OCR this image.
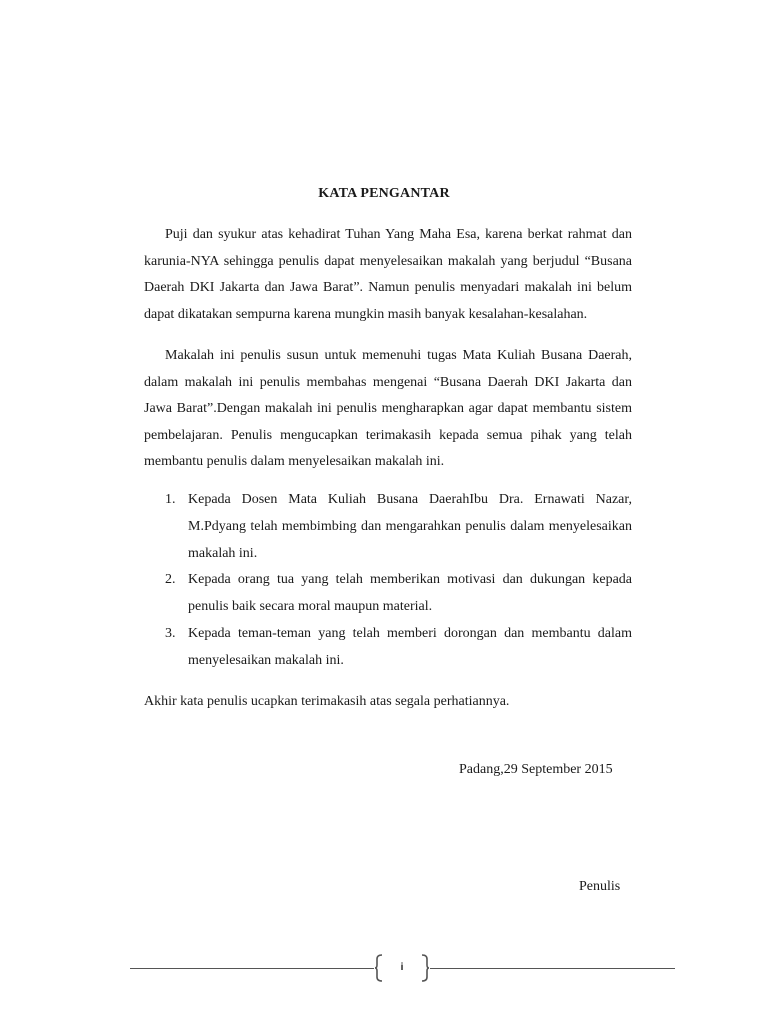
KATA PENGANTAR

Puji dan syukur atas kehadirat Tuhan Yang Maha Esa, karena berkat rahmat dan karunia-NYA sehingga penulis dapat menyelesaikan makalah yang berjudul “Busana Daerah DKI Jakarta dan Jawa Barat”. Namun penulis menyadari makalah ini belum dapat dikatakan sempurna karena mungkin masih banyak kesalahan-kesalahan.

Makalah ini penulis susun untuk memenuhi tugas Mata Kuliah Busana Daerah, dalam makalah ini penulis membahas mengenai “Busana Daerah DKI Jakarta dan Jawa Barat”.Dengan makalah ini penulis mengharapkan agar dapat membantu sistem pembelajaran. Penulis mengucapkan terimakasih kepada semua pihak yang telah membantu penulis dalam menyelesaikan makalah ini.

1. Kepada Dosen Mata Kuliah Busana DaerahIbu Dra. Ernawati Nazar, M.Pdyang telah membimbing dan mengarahkan penulis dalam menyelesaikan makalah ini.
2. Kepada orang tua yang telah memberikan motivasi dan dukungan kepada penulis baik secara moral maupun material.
3. Kepada teman-teman yang telah memberi dorongan dan membantu dalam menyelesaikan makalah ini.
Akhir kata penulis ucapkan terimakasih atas segala perhatiannya.
Padang,29 September 2015
Penulis
i
